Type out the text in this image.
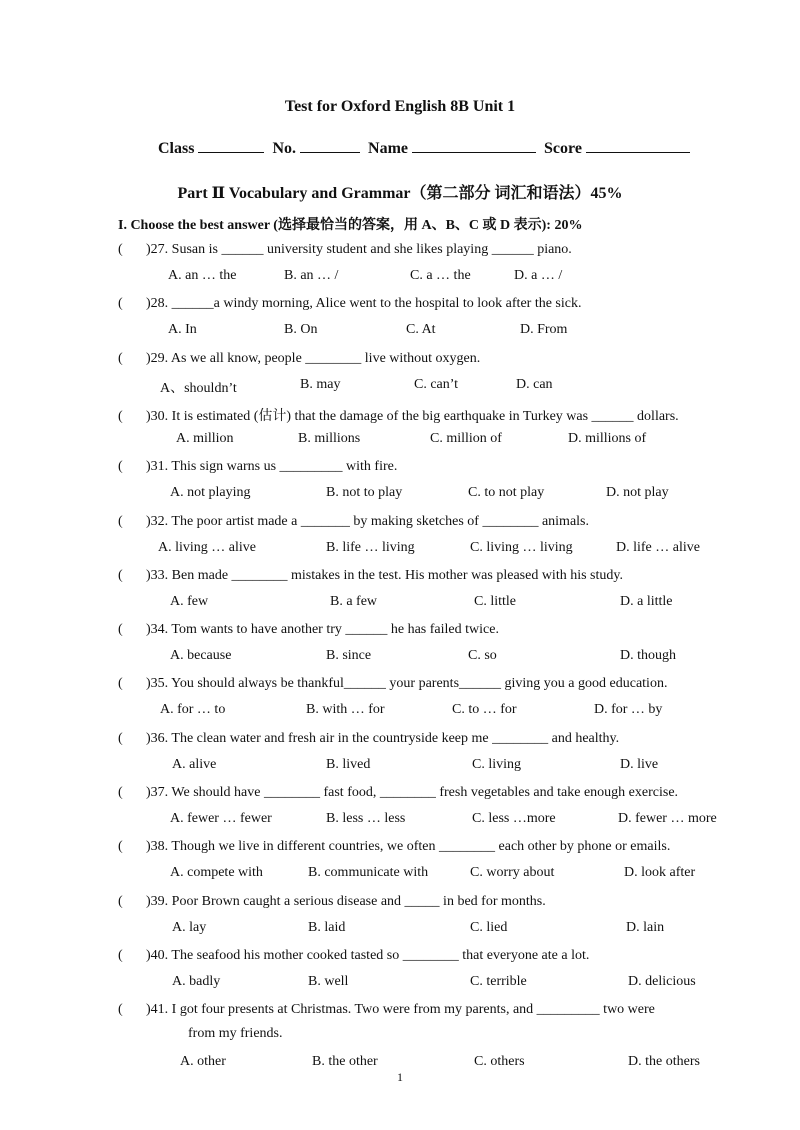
Test for Oxford English 8B Unit 1
Class	No.	Name	Score
Part Ⅱ Vocabulary and Grammar（第二部分 词汇和语法）45%
I. Choose the best answer (选择最恰当的答案，用 A、B、C 或 D 表示): 20%
( )27. Susan is ______ university student and she likes playing ______ piano.
A. an … the	B. an … /	C. a … the	D. a … /
( )28. ______a windy morning, Alice went to the hospital to look after the sick.
A. In	B. On	C. At	D. From
( )29. As we all know, people ________ live without oxygen.
A、shouldn’t	B. may	C. can’t	D. can
( )30. It is estimated (估计) that the damage of the big earthquake in Turkey was ______ dollars.
A. million	B. millions	C. million of	D. millions of
( )31. This sign warns us _________ with fire.
A. not playing	B. not to play	C. to not play	D. not play
( )32. The poor artist made a _______ by making sketches of ________ animals.
A. living … alive	B. life … living	C. living … living	D. life … alive
( )33. Ben made ________ mistakes in the test. His mother was pleased with his study.
A. few	B. a few	C. little	D. a little
( )34. Tom wants to have another try ______ he has failed twice.
A. because	B. since	C. so	D. though
( )35. You should always be thankful______ your parents______ giving you a good education.
A. for … to	B. with … for	C. to … for	D. for … by
( )36. The clean water and fresh air in the countryside keep me ________ and healthy.
A. alive	B. lived	C. living	D. live
( )37. We should have ________ fast food, ________ fresh vegetables and take enough exercise.
A. fewer … fewer	B. less … less	C. less …more	D. fewer … more
( )38. Though we live in different countries, we often ________ each other by phone or emails.
A. compete with	B. communicate with	C. worry about	D. look after
( )39. Poor Brown caught a serious disease and _____ in bed for months.
A. lay	B. laid	C. lied	D. lain
( )40. The seafood his mother cooked tasted so ________ that everyone ate a lot.
A. badly	B. well	C. terrible	D. delicious
( )41. I got four presents at Christmas. Two were from my parents, and _________ two were
from my friends.
A. other	B. the other	C. others	D. the others
1
